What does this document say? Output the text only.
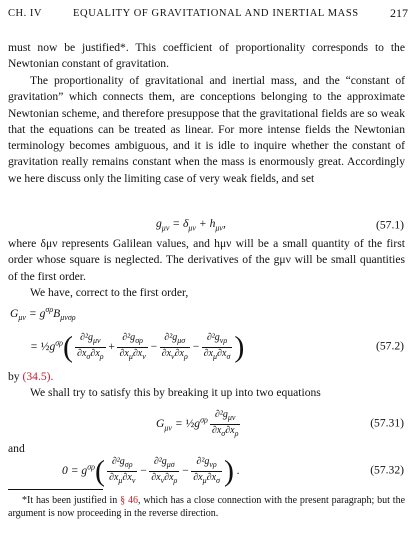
CH. IV	EQUALITY OF GRAVITATIONAL AND INERTIAL MASS	217

must now be justified*. This coefficient of proportionality corresponds to the Newtonian constant of gravitation.

The proportionality of gravitational and inertial mass, and the “constant of gravitation” which connects them, are conceptions belonging to the approximate Newtonian scheme, and therefore presuppose that the gravitational fields are so weak that the equations can be treated as linear. For more intense fields the Newtonian terminology becomes ambiguous, and it is idle to inquire whether the constant of gravitation really remains constant when the mass is enormously great. Accordingly we here discuss only the limiting case of very weak fields, and set

$g_{\mu\nu} = \delta_{\mu\nu} + h_{\mu\nu}$,	(57.1)

where δμν represents Galilean values, and hμν will be a small quantity of the first order whose square is neglected. The derivatives of the gμν will be small quantities of the first order.

We have, correct to the first order,

$G_{\mu\nu} = g^{\sigma\rho}B_{\mu\nu\sigma\rho}$
= $\frac{1}{2}g^{\sigma\rho}( \frac{\partial^2g_{\mu\nu}}{\partial x_\sigma\partial x_\rho} + \frac{\partial^2g_{\sigma\rho}}{\partial x_\mu\partial x_\nu} - \frac{\partial^2g_{\mu\sigma}}{\partial x_\nu\partial x_\rho} - \frac{\partial^2g_{\nu\rho}}{\partial x_\mu\partial x_\sigma}$ )	(57.2)

by (34.5).

We shall try to satisfy this by breaking it up into two equations

$G_{\mu\nu}$ = $\frac{1}{2}g^{\sigma\rho} \frac{\partial^2g_{\mu\nu}}{\partial x_\sigma\partial x_\rho}$	(57.31)

and

$0 = g^{\sigma\rho}( \frac{\partial^2g_{\sigma\rho}}{\partial x_\mu\partial x_\nu} - \frac{\partial^2g_{\mu\sigma}}{\partial x_\nu\partial x_\rho} - \frac{\partial^2g_{\nu\rho}}{\partial x_\mu\partial x_\sigma}$ ) .	(57.32)
*It has been justified in § 46, which has a close connection with the present paragraph; but the argument is now proceeding in the reverse direction.
